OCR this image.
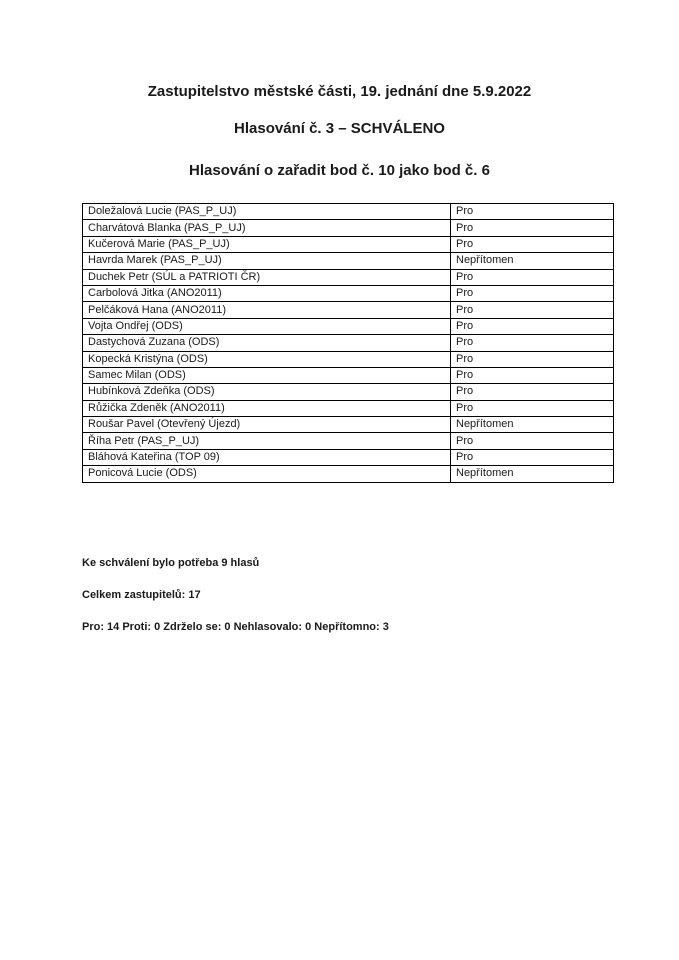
Zastupitelstvo městské části, 19. jednání dne 5.9.2022
Hlasování č. 3 – SCHVÁLENO
Hlasování o zařadit bod č. 10 jako bod č. 6
Doležalová Lucie (PAS_P_UJ)	Pro
Charvátová Blanka (PAS_P_UJ)	Pro
Kučerová Marie (PAS_P_UJ)	Pro
Havrda Marek (PAS_P_UJ)	Nepřítomen
Duchek Petr (SÚL a PATRIOTI ČR)	Pro
Carbolová Jitka (ANO2011)	Pro
Pelčáková Hana (ANO2011)	Pro
Vojta Ondřej (ODS)	Pro
Dastychová Zuzana (ODS)	Pro
Kopecká Kristýna (ODS)	Pro
Samec Milan (ODS)	Pro
Hubínková Zdeňka (ODS)	Pro
Růžička Zdeněk (ANO2011)	Pro
Roušar Pavel (Otevřený Újezd)	Nepřítomen
Říha Petr (PAS_P_UJ)	Pro
Bláhová Kateřina (TOP 09)	Pro
Ponicová Lucie (ODS)	Nepřítomen
Ke schválení bylo potřeba 9 hlasů
Celkem zastupitelů: 17
Pro: 14 Proti: 0 Zdrželo se: 0 Nehlasovalo: 0 Nepřítomno: 3
